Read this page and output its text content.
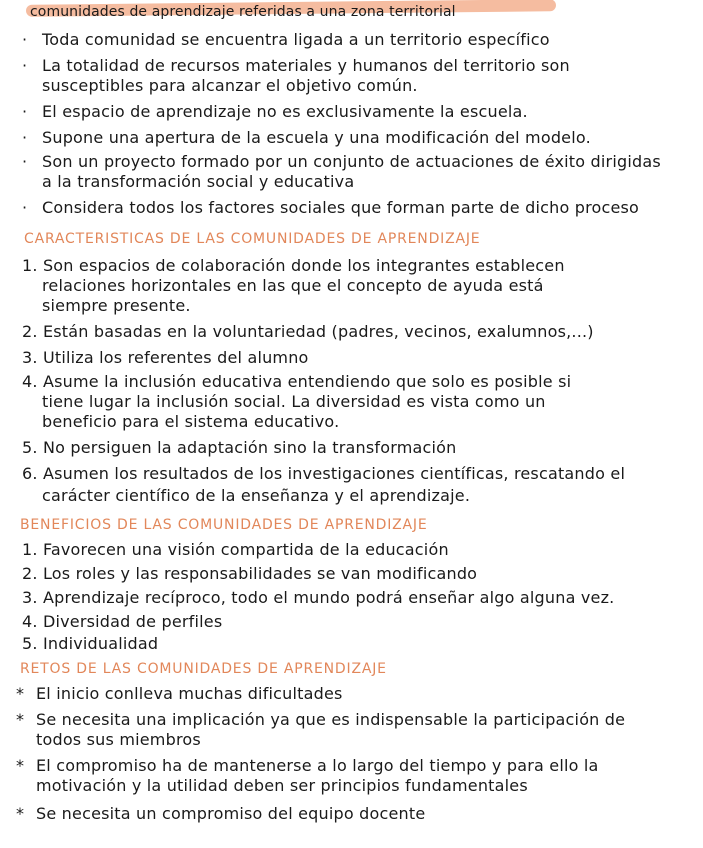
comunidades de aprendizaje referidas a una zona territorial
· Toda comunidad se encuentra ligada a un territorio específico
· La totalidad de recursos materiales y humanos del territorio son
susceptibles para alcanzar el objetivo común.
· El espacio de aprendizaje no es exclusivamente la escuela.
· Supone una apertura de la escuela y una modificación del modelo.
· Son un proyecto formado por un conjunto de actuaciones de éxito dirigidas
a la transformación social y educativa
· Considera todos los factores sociales que forman parte de dicho proceso
CARACTERISTICAS DE LAS COMUNIDADES DE APRENDIZAJE
1. Son espacios de colaboración donde los integrantes establecen
relaciones horizontales en las que el concepto de ayuda está
siempre presente.
2. Están basadas en la voluntariedad (padres, vecinos, exalumnos,...)
3. Utiliza los referentes del alumno
4. Asume la inclusión educativa entendiendo que solo es posible si
tiene lugar la inclusión social. La diversidad es vista como un
beneficio para el sistema educativo.
5. No persiguen la adaptación sino la transformación
6. Asumen los resultados de los investigaciones científicas, rescatando el
carácter científico de la enseñanza y el aprendizaje.
BENEFICIOS DE LAS COMUNIDADES DE APRENDIZAJE
1. Favorecen una visión compartida de la educación
2. Los roles y las responsabilidades se van modificando
3. Aprendizaje recíproco, todo el mundo podrá enseñar algo alguna vez.
4. Diversidad de perfiles
5. Individualidad
RETOS DE LAS COMUNIDADES DE APRENDIZAJE
* El inicio conlleva muchas dificultades
* Se necesita una implicación ya que es indispensable la participación de
todos sus miembros
* El compromiso ha de mantenerse a lo largo del tiempo y para ello la
motivación y la utilidad deben ser principios fundamentales
* Se necesita un compromiso del equipo docente
